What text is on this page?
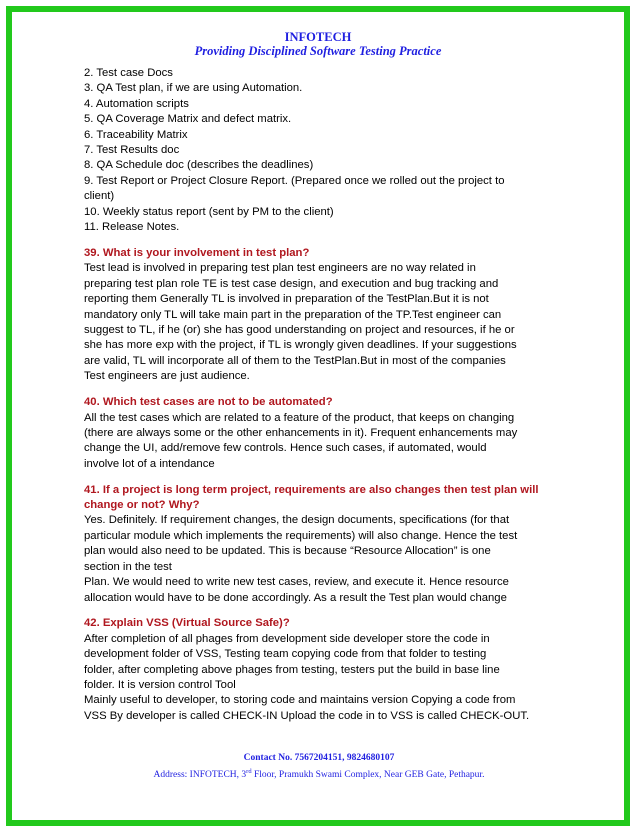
INFOTECH
Providing Disciplined Software Testing Practice

2. Test case Docs

3. QA Test plan, if we are using Automation.

4. Automation scripts

5. QA Coverage Matrix and defect matrix.

6. Traceability Matrix

7. Test Results doc

8. QA Schedule doc (describes the deadlines)

9. Test Report or Project Closure Report. (Prepared once we rolled out the project to

client)

10. Weekly status report (sent by PM to the client)

11. Release Notes.

39. What is your involvement in test plan?

Test lead is involved in preparing test plan test engineers are no way related in

preparing test plan role TE is test case design, and execution and bug tracking and

reporting them Generally TL is involved in preparation of the TestPlan.But it is not

mandatory only TL will take main part in the preparation of the TP.Test engineer can

suggest to TL, if he (or) she has good understanding on project and resources, if he or

she has more exp with the project, if TL is wrongly given deadlines. If your suggestions

are valid, TL will incorporate all of them to the TestPlan.But in most of the companies

Test engineers are just audience.

40. Which test cases are not to be automated?

All the test cases which are related to a feature of the product, that keeps on changing

(there are always some or the other enhancements in it). Frequent enhancements may

change the UI, add/remove few controls. Hence such cases, if automated, would

involve lot of a intendance

41. If a project is long term project, requirements are also changes then test plan will

change or not? Why?

Yes. Definitely. If requirement changes, the design documents, specifications (for that

particular module which implements the requirements) will also change. Hence the test

plan would also need to be updated. This is because “Resource Allocation” is one

section in the test

Plan. We would need to write new test cases, review, and execute it. Hence resource

allocation would have to be done accordingly. As a result the Test plan would change

42. Explain VSS (Virtual Source Safe)?

After completion of all phages from development side developer store the code in

development folder of VSS, Testing team copying code from that folder to testing

folder, after completing above phages from testing, testers put the build in base line

folder. It is version control Tool

Mainly useful to developer, to storing code and maintains version Copying a code from

VSS By developer is called CHECK-IN Upload the code in to VSS is called CHECK-OUT.

Contact No. 7567204151, 9824680107
Address: INFOTECH, 3rd Floor, Pramukh Swami Complex, Near GEB Gate, Pethapur.
